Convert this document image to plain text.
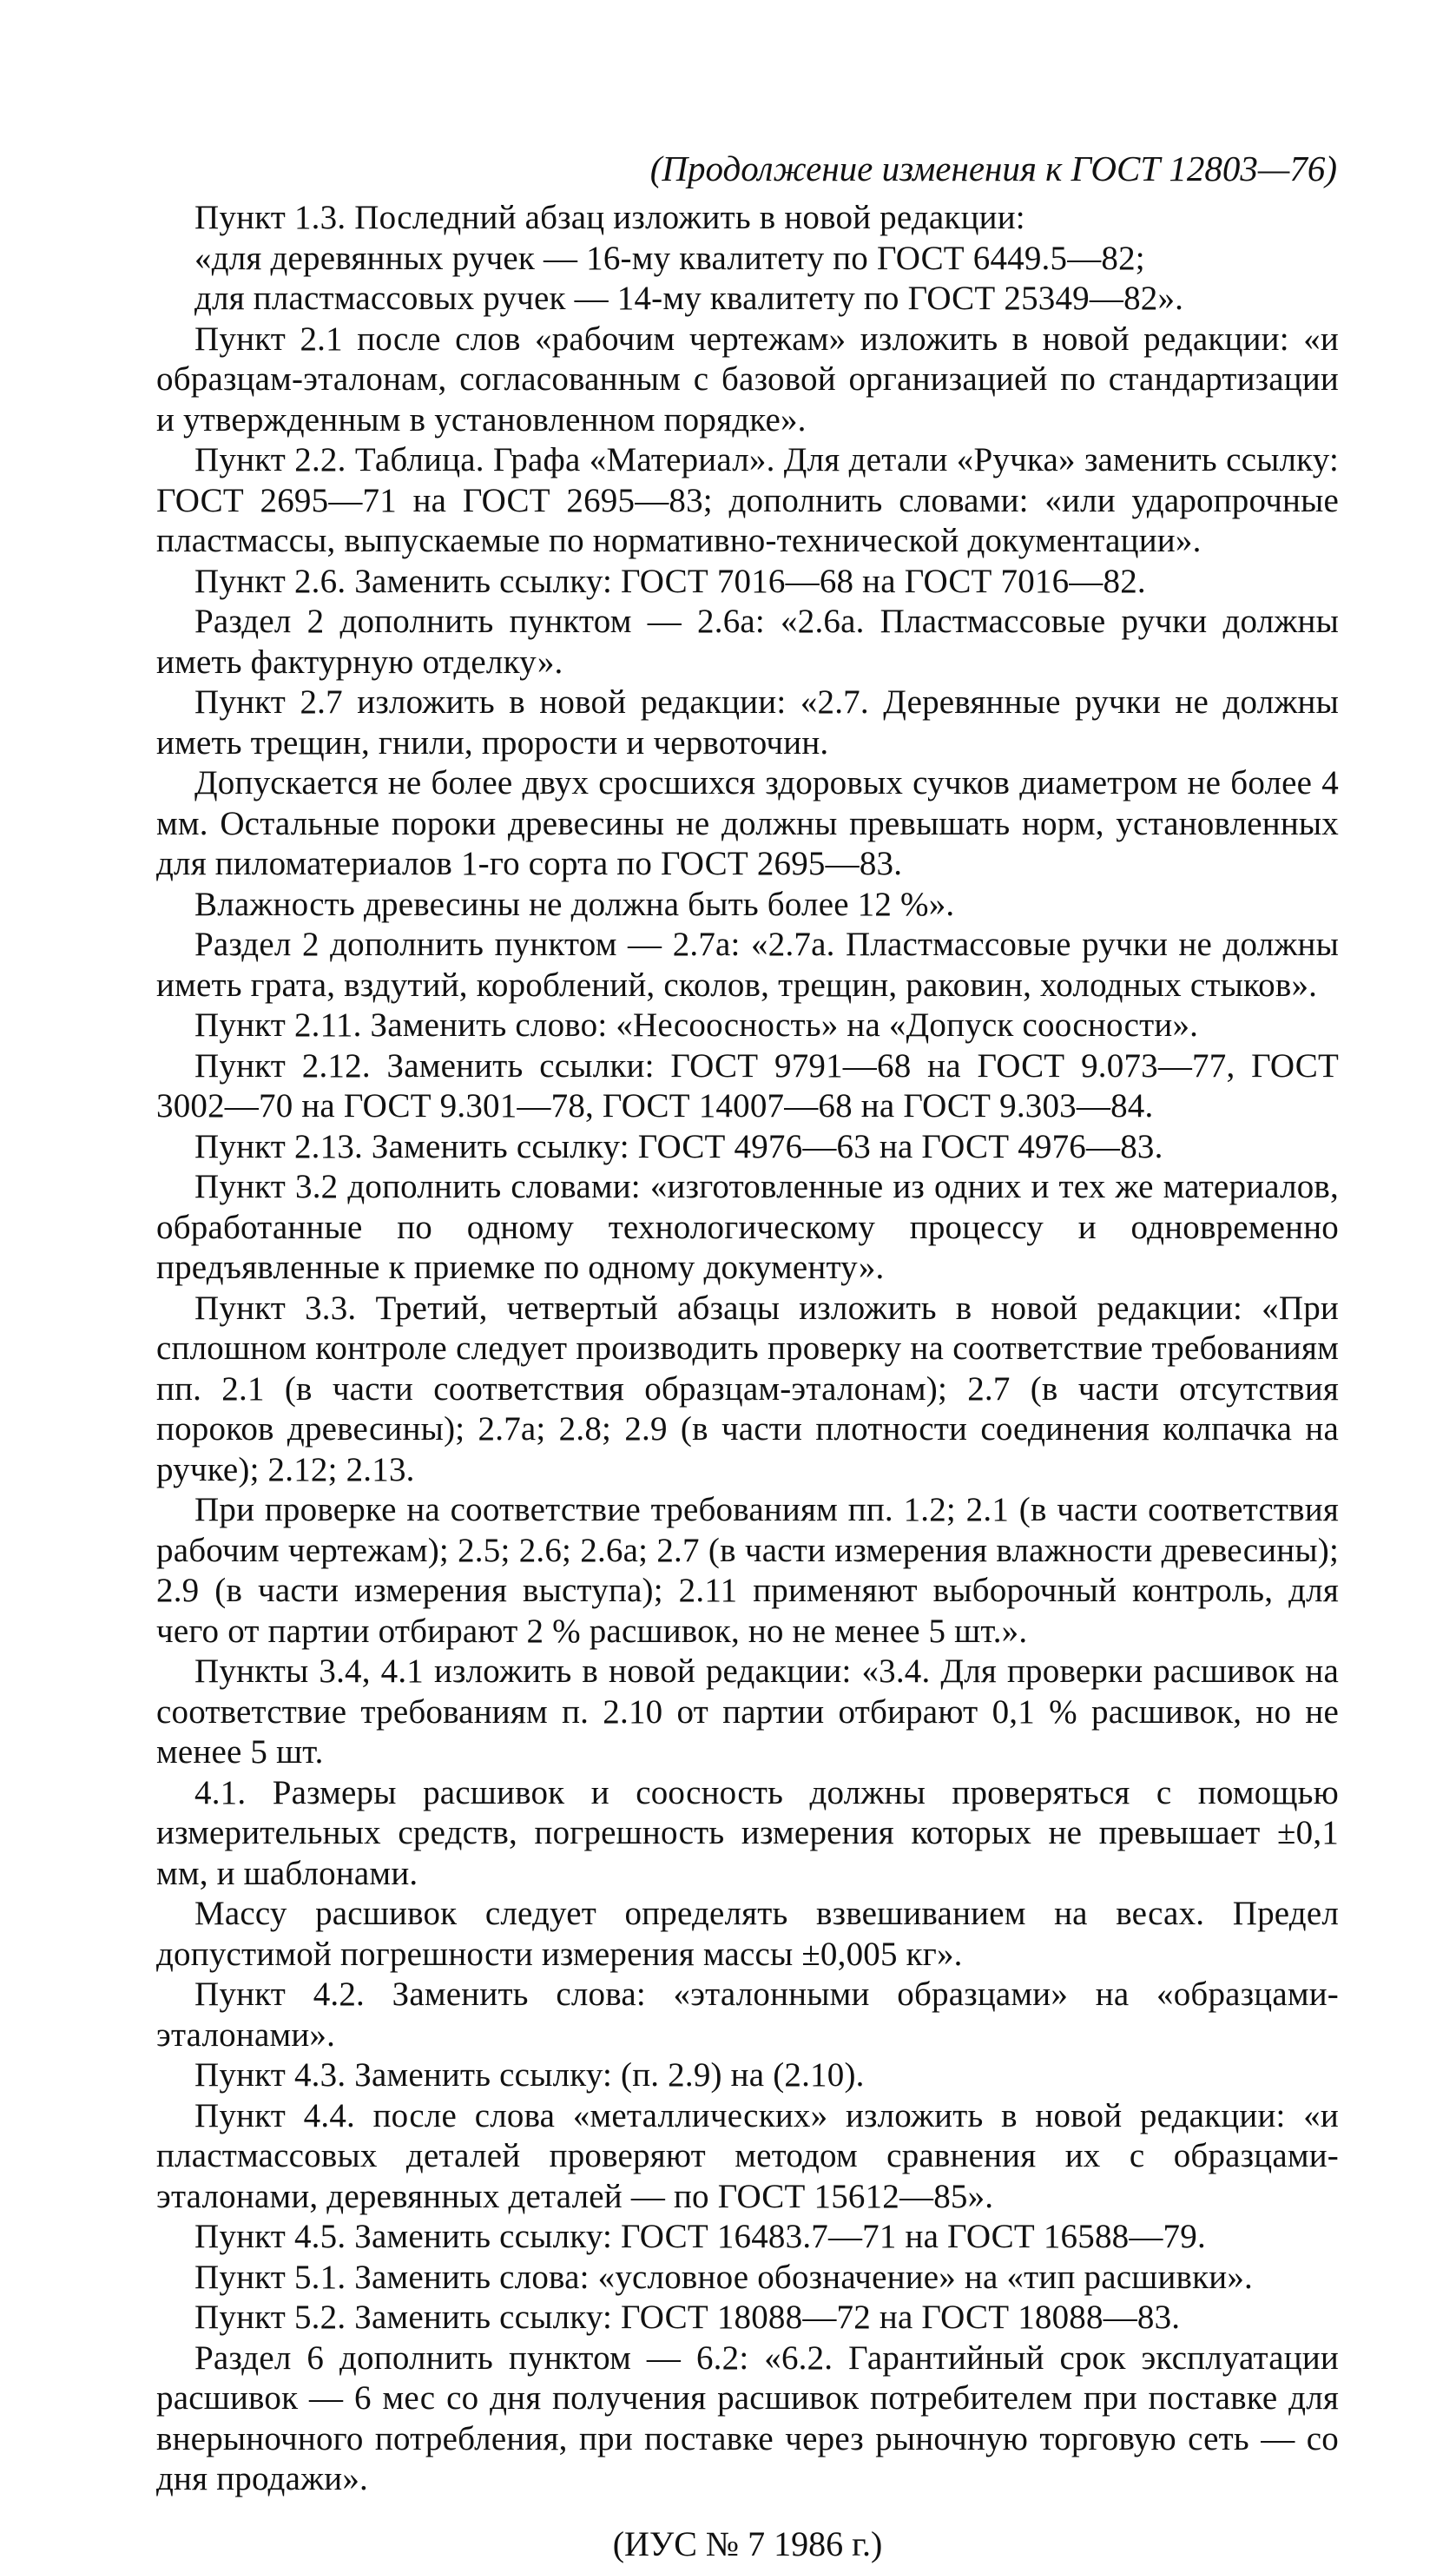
(Продолжение изменения к ГОСТ 12803—76)

Пункт 1.3. Последний абзац изложить в новой редакции:

«для деревянных ручек — 16-му квалитету по ГОСТ 6449.5—82;

для пластмассовых ручек — 14-му квалитету по ГОСТ 25349—82».

Пункт 2.1 после слов «рабочим чертежам» изложить в новой редакции: «и образцам-эталонам, согласованным с базовой организацией по стандартизации и утвержденным в установленном порядке».

Пункт 2.2. Таблица. Графа «Материал». Для детали «Ручка» заменить ссылку: ГОСТ 2695—71 на ГОСТ 2695—83; дополнить словами: «или ударопрочные пластмассы, выпускаемые по нормативно-технической документации».

Пункт 2.6. Заменить ссылку: ГОСТ 7016—68 на ГОСТ 7016—82.

Раздел 2 дополнить пунктом — 2.6а: «2.6а. Пластмассовые ручки должны иметь фактурную отделку».

Пункт 2.7 изложить в новой редакции: «2.7. Деревянные ручки не должны иметь трещин, гнили, прорости и червоточин.

Допускается не более двух сросшихся здоровых сучков диаметром не более 4 мм. Остальные пороки древесины не должны превышать норм, установленных для пиломатериалов 1-го сорта по ГОСТ 2695—83.

Влажность древесины не должна быть более 12 %».

Раздел 2 дополнить пунктом — 2.7а: «2.7а. Пластмассовые ручки не должны иметь грата, вздутий, короблений, сколов, трещин, раковин, холодных стыков».

Пункт 2.11. Заменить слово: «Несоосность» на «Допуск соосности».

Пункт 2.12. Заменить ссылки: ГОСТ 9791—68 на ГОСТ 9.073—77, ГОСТ 3002—70 на ГОСТ 9.301—78, ГОСТ 14007—68 на ГОСТ 9.303—84.

Пункт 2.13. Заменить ссылку: ГОСТ 4976—63 на ГОСТ 4976—83.

Пункт 3.2 дополнить словами: «изготовленные из одних и тех же материалов, обработанные по одному технологическому процессу и одновременно предъявленные к приемке по одному документу».

Пункт 3.3. Третий, четвертый абзацы изложить в новой редакции: «При сплошном контроле следует производить проверку на соответствие требованиям пп. 2.1 (в части соответствия образцам-эталонам); 2.7 (в части отсутствия пороков древесины); 2.7а; 2.8; 2.9 (в части плотности соединения колпачка на ручке); 2.12; 2.13.

При проверке на соответствие требованиям пп. 1.2; 2.1 (в части соответствия рабочим чертежам); 2.5; 2.6; 2.6а; 2.7 (в части измерения влажности древесины); 2.9 (в части измерения выступа); 2.11 применяют выборочный контроль, для чего от партии отбирают 2 % расшивок, но не менее 5 шт.».

Пункты 3.4, 4.1 изложить в новой редакции: «3.4. Для проверки расшивок на соответствие требованиям п. 2.10 от партии отбирают 0,1 % расшивок, но не менее 5 шт.

4.1. Размеры расшивок и соосность должны проверяться с помощью измерительных средств, погрешность измерения которых не превышает ±0,1 мм, и шаблонами.

Массу расшивок следует определять взвешиванием на весах. Предел допустимой погрешности измерения массы ±0,005 кг».

Пункт 4.2. Заменить слова: «эталонными образцами» на «образцами-эталонами».

Пункт 4.3. Заменить ссылку: (п. 2.9) на (2.10).

Пункт 4.4. после слова «металлических» изложить в новой редакции: «и пластмассовых деталей проверяют методом сравнения их с образцами-эталонами, деревянных деталей — по ГОСТ 15612—85».

Пункт 4.5. Заменить ссылку: ГОСТ 16483.7—71 на ГОСТ 16588—79.

Пункт 5.1. Заменить слова: «условное обозначение» на «тип расшивки».

Пункт 5.2. Заменить ссылку: ГОСТ 18088—72 на ГОСТ 18088—83.

Раздел 6 дополнить пунктом — 6.2: «6.2. Гарантийный срок эксплуатации расшивок — 6 мес со дня получения расшивок потребителем при поставке для внерыночного потребления, при поставке через рыночную торговую сеть — со дня продажи».

(ИУС № 7 1986 г.)
